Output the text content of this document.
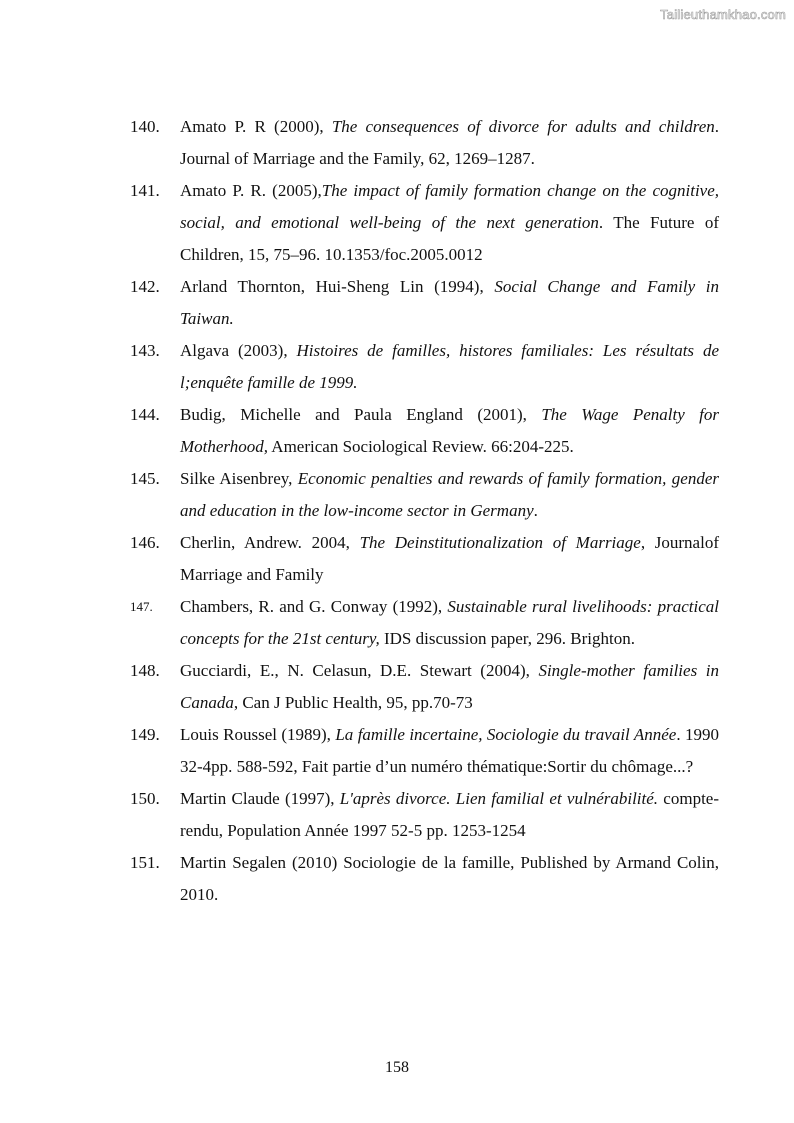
Tailieuthamkhao.com
140.	Amato P. R (2000), The consequences of divorce for adults and children. Journal of Marriage and the Family, 62, 1269–1287.
141.	Amato P. R. (2005),The impact of family formation change on the cognitive, social, and emotional well-being of the next generation. The Future of Children, 15, 75–96. 10.1353/foc.2005.0012
142.	Arland Thornton, Hui-Sheng Lin (1994), Social Change and Family in Taiwan.
143.	Algava (2003), Histoires de familles, histores familiales: Les résultats de l;enquête famille de 1999.
144.	Budig, Michelle and Paula England (2001), The Wage Penalty for Motherhood, American Sociological Review. 66:204-225.
145.	Silke Aisenbrey, Economic penalties and rewards of family formation, gender and education in the low-income sector in Germany.
146.	Cherlin, Andrew. 2004, The Deinstitutionalization of Marriage, Journalof Marriage and Family
147.	Chambers, R. and G. Conway (1992), Sustainable rural livelihoods: practical concepts for the 21st century, IDS discussion paper, 296. Brighton.
148.	Gucciardi, E., N. Celasun, D.E. Stewart (2004), Single-mother families in Canada, Can J Public Health, 95, pp.70-73
149.	Louis Roussel (1989), La famille incertaine, Sociologie du travail Année. 1990 32-4pp. 588-592, Fait partie d’un numéro thématique:Sortir du chômage...?
150.	Martin Claude (1997), L'après divorce. Lien familial et vulnérabilité. compte-rendu, Population Année 1997 52-5 pp. 1253-1254
151.	Martin Segalen (2010) Sociologie de la famille, Published by Armand Colin, 2010.
158
